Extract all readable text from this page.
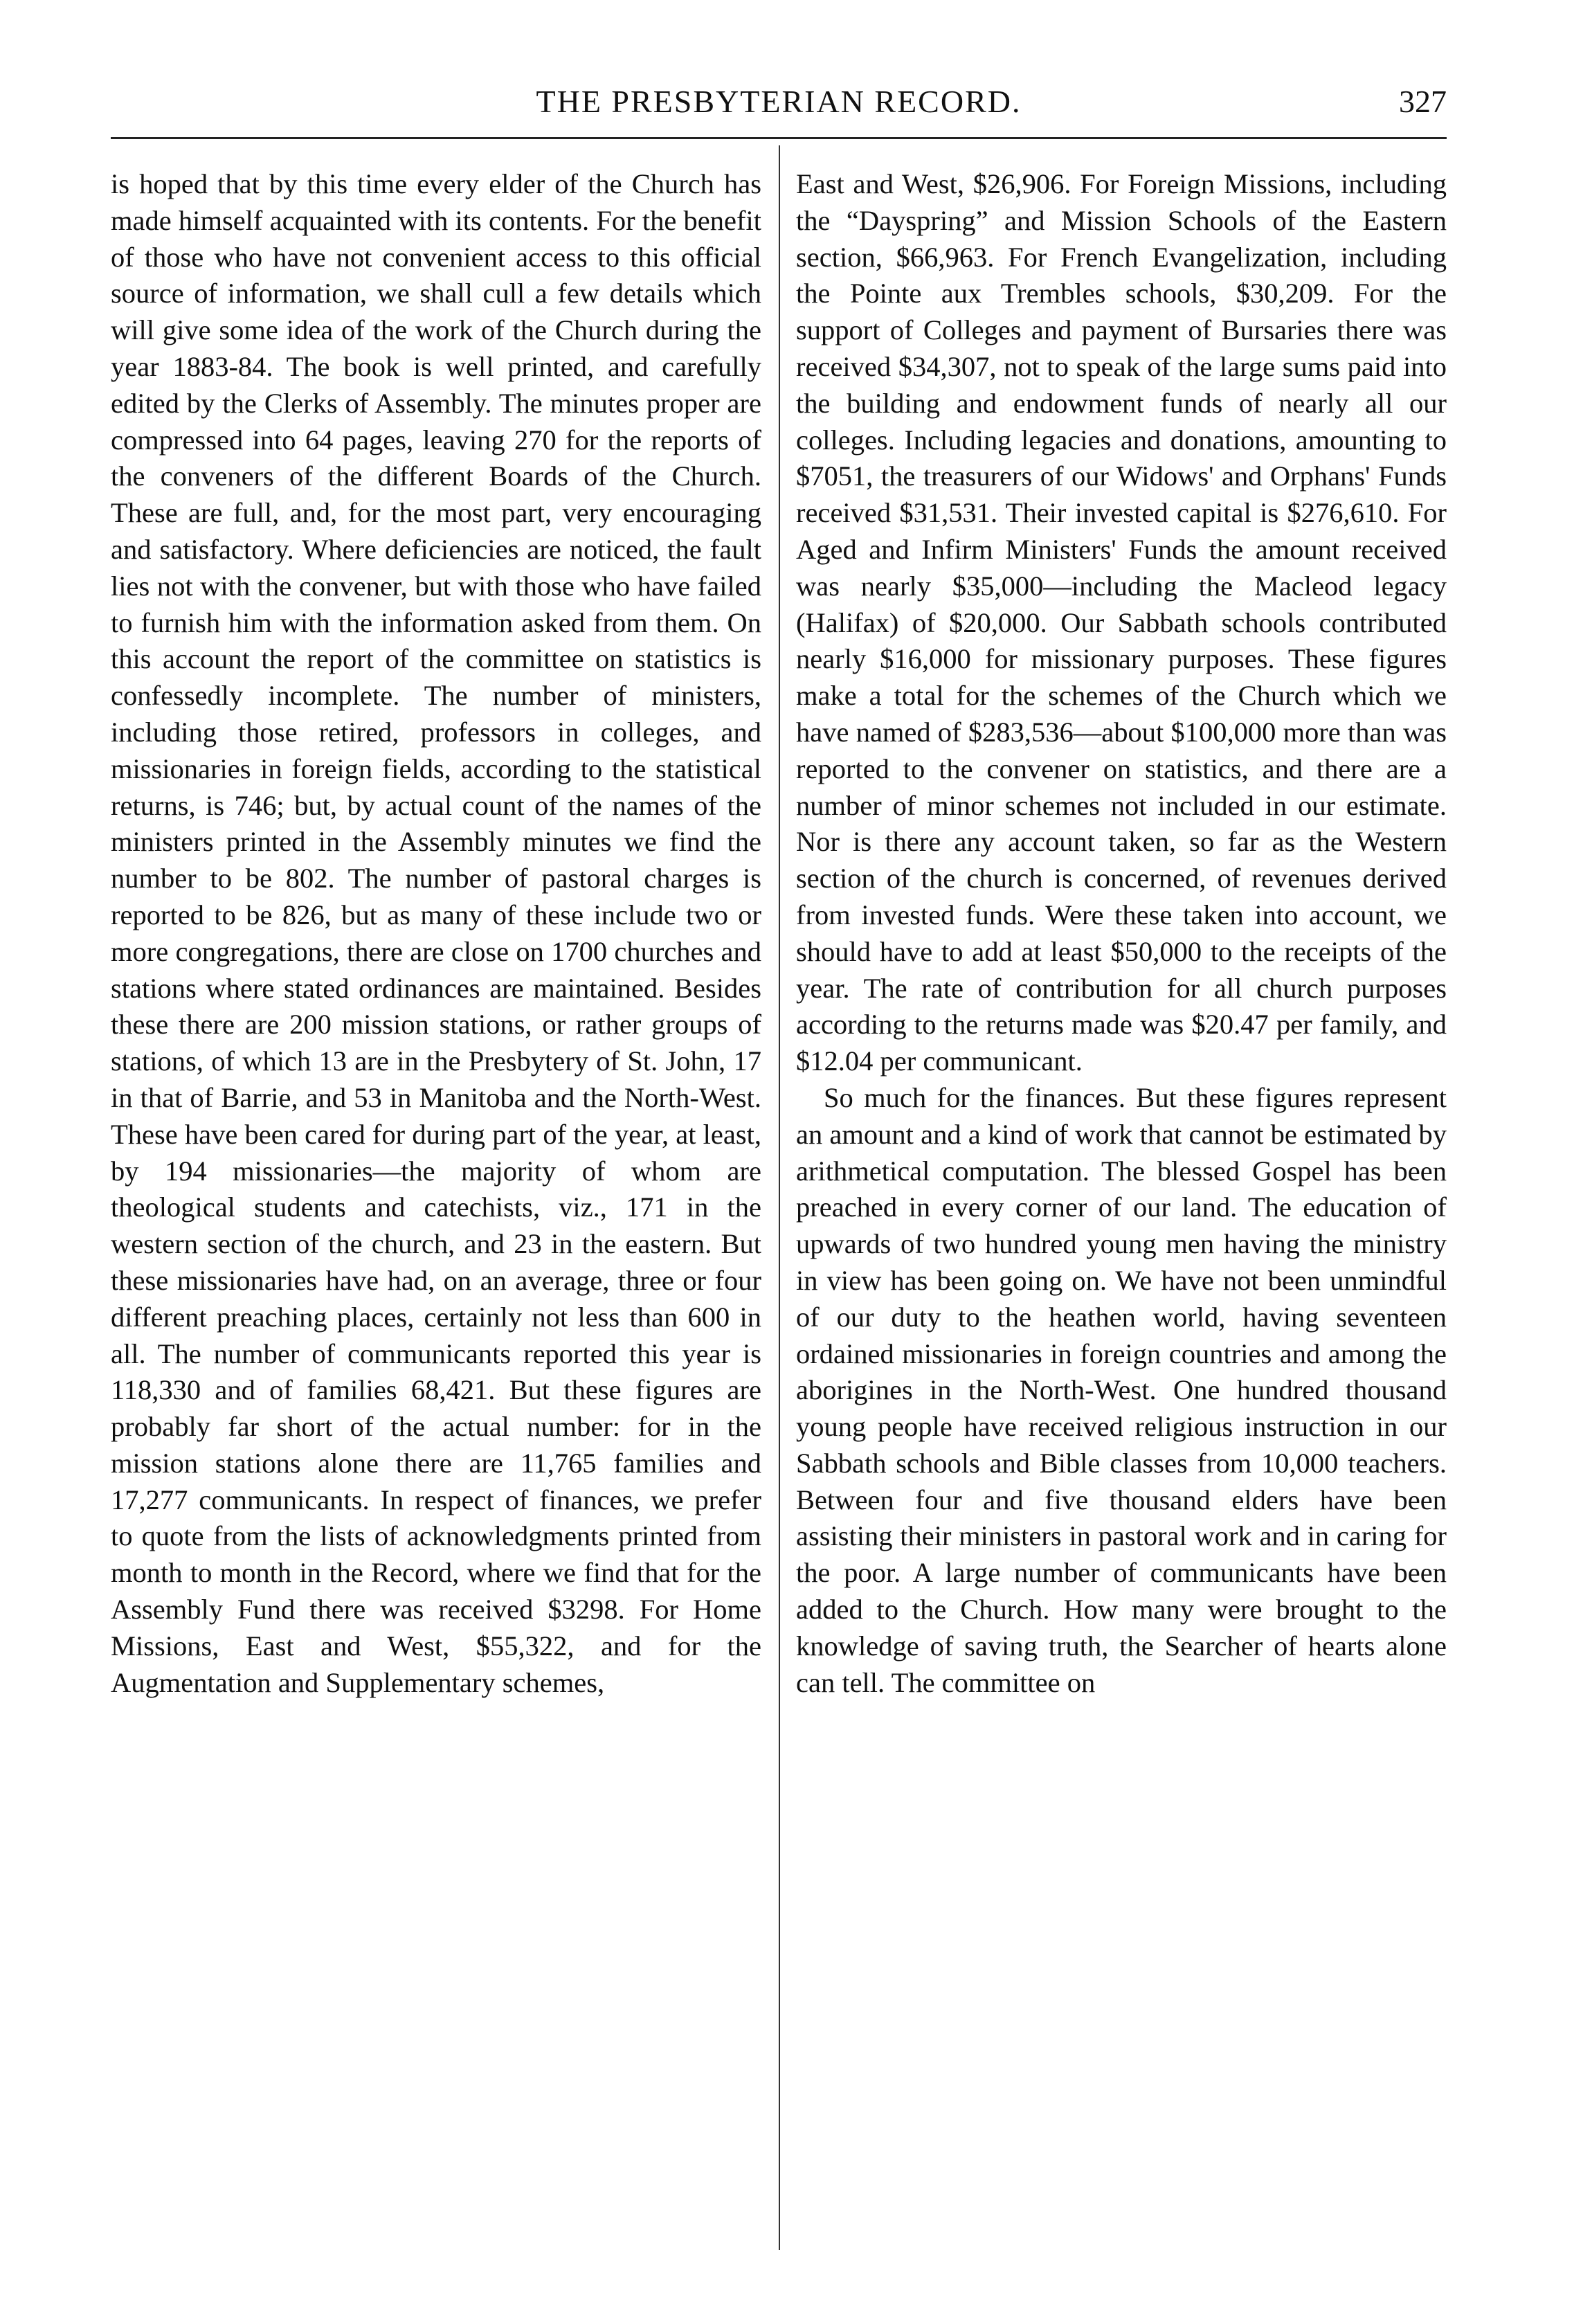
THE PRESBYTERIAN RECORD.	327

is hoped that by this time every elder of the Church has made himself acquainted with its contents. For the benefit of those who have not convenient access to this official source of information, we shall cull a few details which will give some idea of the work of the Church during the year 1883-84. The book is well printed, and carefully edited by the Clerks of Assembly. The minutes proper are compressed into 64 pages, leaving 270 for the reports of the conveners of the different Boards of the Church. These are full, and, for the most part, very encouraging and satisfactory. Where deficiencies are noticed, the fault lies not with the convener, but with those who have failed to furnish him with the information asked from them. On this account the report of the committee on statistics is confessedly incomplete. The number of ministers, including those retired, professors in colleges, and missionaries in foreign fields, according to the statistical returns, is 746; but, by actual count of the names of the ministers printed in the Assembly minutes we find the number to be 802. The number of pastoral charges is reported to be 826, but as many of these include two or more congregations, there are close on 1700 churches and stations where stated ordinances are maintained. Besides these there are 200 mission stations, or rather groups of stations, of which 13 are in the Presbytery of St. John, 17 in that of Barrie, and 53 in Manitoba and the North-West. These have been cared for during part of the year, at least, by 194 missionaries—the majority of whom are theological students and catechists, viz., 171 in the western section of the church, and 23 in the eastern. But these missionaries have had, on an average, three or four different preaching places, certainly not less than 600 in all. The number of communicants reported this year is 118,330 and of families 68,421. But these figures are probably far short of the actual number: for in the mission stations alone there are 11,765 families and 17,277 communicants. In respect of finances, we prefer to quote from the lists of acknowledgments printed from month to month in the Record, where we find that for the Assembly Fund there was received $3298. For Home Missions, East and West, $55,322, and for the Augmentation and Supplementary schemes,

East and West, $26,906. For Foreign Missions, including the “Dayspring” and Mission Schools of the Eastern section, $66,963. For French Evangelization, including the Pointe aux Trembles schools, $30,209. For the support of Colleges and payment of Bursaries there was received $34,307, not to speak of the large sums paid into the building and endowment funds of nearly all our colleges. Including legacies and donations, amounting to $7051, the treasurers of our Widows' and Orphans' Funds received $31,531. Their invested capital is $276,610. For Aged and Infirm Ministers' Funds the amount received was nearly $35,000—including the Macleod legacy (Halifax) of $20,000. Our Sabbath schools contributed nearly $16,000 for missionary purposes. These figures make a total for the schemes of the Church which we have named of $283,536—about $100,000 more than was reported to the convener on statistics, and there are a number of minor schemes not included in our estimate. Nor is there any account taken, so far as the Western section of the church is concerned, of revenues derived from invested funds. Were these taken into account, we should have to add at least $50,000 to the receipts of the year. The rate of contribution for all church purposes according to the returns made was $20.47 per family, and $12.04 per communicant.

So much for the finances. But these figures represent an amount and a kind of work that cannot be estimated by arithmetical computation. The blessed Gospel has been preached in every corner of our land. The education of upwards of two hundred young men having the ministry in view has been going on. We have not been unmindful of our duty to the heathen world, having seventeen ordained missionaries in foreign countries and among the aborigines in the North-West. One hundred thousand young people have received religious instruction in our Sabbath schools and Bible classes from 10,000 teachers. Between four and five thousand elders have been assisting their ministers in pastoral work and in caring for the poor. A large number of communicants have been added to the Church. How many were brought to the knowledge of saving truth, the Searcher of hearts alone can tell. The committee on
